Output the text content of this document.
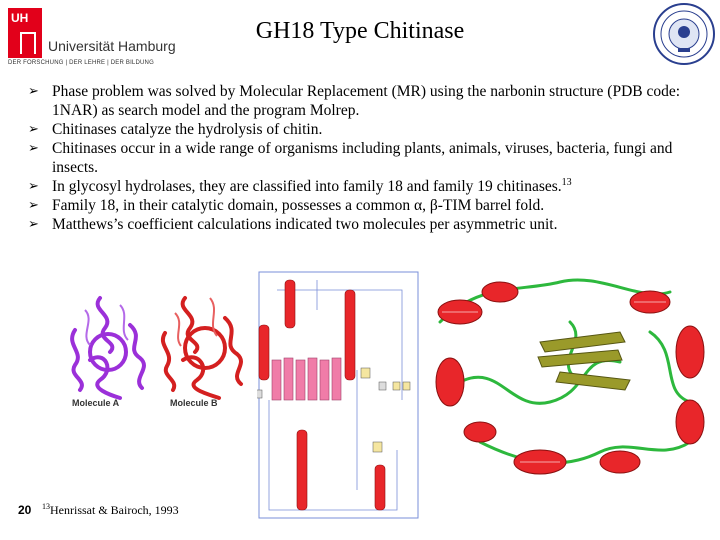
UH
Universität Hamburg
DER FORSCHUNG | DER LEHRE | DER BILDUNG
GH18 Type Chitinase
➢ Phase problem was solved by Molecular Replacement (MR) using the narbonin structure (PDB code: 1NAR) as search model and the program Molrep.
➢ Chitinases catalyze the hydrolysis of chitin.
➢ Chitinases occur in a wide range of organisms including plants, animals, viruses, bacteria, fungi and insects.
➢ In glycosyl hydrolases, they are classified into family 18 and family 19 chitinases.$^{13}$
➢ Family 18, in their catalytic domain, possesses a common α, β-TIM barrel fold.
➢ Matthews’s coefficient calculations indicated two molecules per asymmetric unit.
Molecule A	Molecule B
20 $^{13}$Henrissat & Bairoch, 1993
